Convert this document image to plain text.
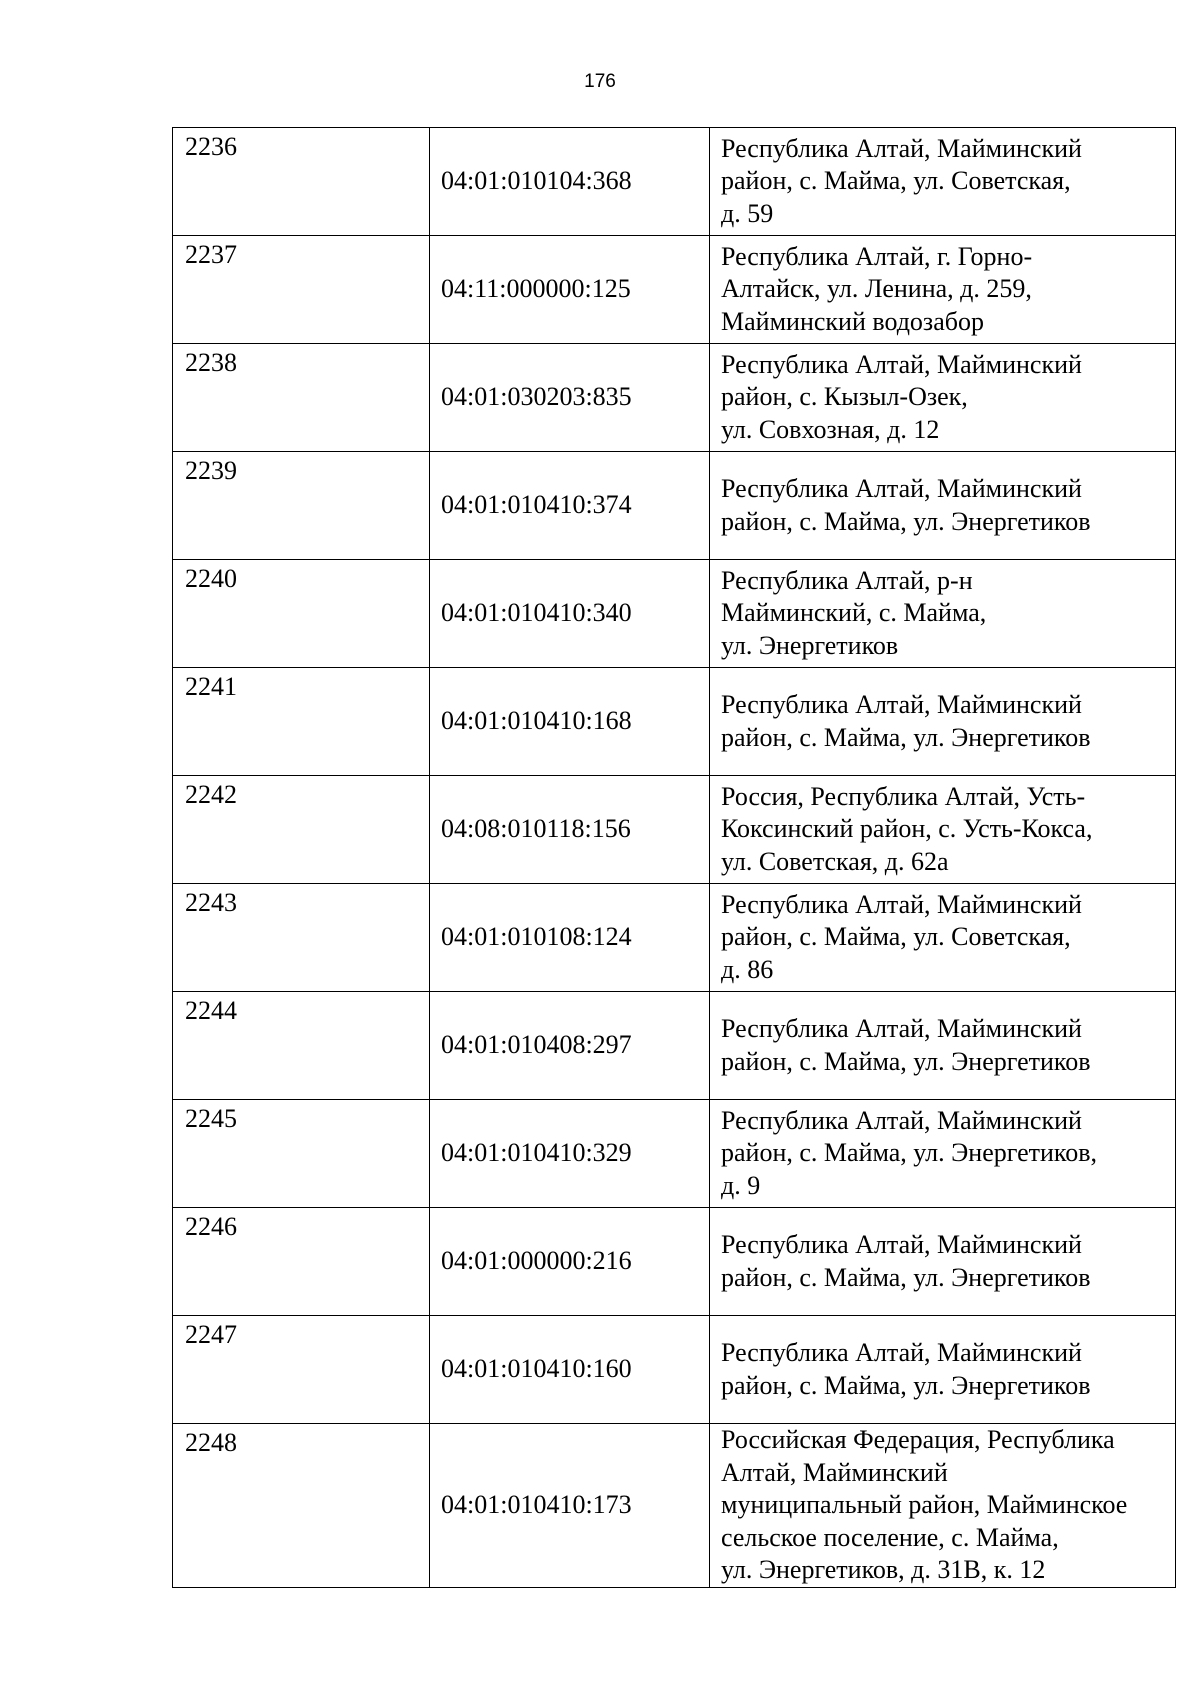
176
2236	04:01:010104:368	Республика Алтай, Майминский
район, с. Майма, ул. Советская,
д. 59

2237	04:11:000000:125	Республика Алтай, г. Горно-
Алтайск, ул. Ленина, д. 259,
Майминский водозабор

2238	04:01:030203:835	Республика Алтай, Майминский
район, с. Кызыл-Озек,
ул. Совхозная, д. 12

2239	04:01:010410:374	Республика Алтай, Майминский
район, с. Майма, ул. Энергетиков

2240	04:01:010410:340	Республика Алтай, р-н
Майминский, с. Майма,
ул. Энергетиков

2241	04:01:010410:168	Республика Алтай, Майминский
район, с. Майма, ул. Энергетиков

2242	04:08:010118:156	Россия, Республика Алтай, Усть-
Коксинский район, с. Усть-Кокса,
ул. Советская, д. 62а

2243	04:01:010108:124	Республика Алтай, Майминский
район, с. Майма, ул. Советская,
д. 86

2244	04:01:010408:297	Республика Алтай, Майминский
район, с. Майма, ул. Энергетиков

2245	04:01:010410:329	Республика Алтай, Майминский
район, с. Майма, ул. Энергетиков,
д. 9

2246	04:01:000000:216	Республика Алтай, Майминский
район, с. Майма, ул. Энергетиков

2247	04:01:010410:160	Республика Алтай, Майминский
район, с. Майма, ул. Энергетиков

2248	04:01:010410:173	Российская Федерация, Республика
Алтай, Майминский
муниципальный район, Майминское
сельское поселение, с. Майма,
ул. Энергетиков, д. 31В, к. 12
